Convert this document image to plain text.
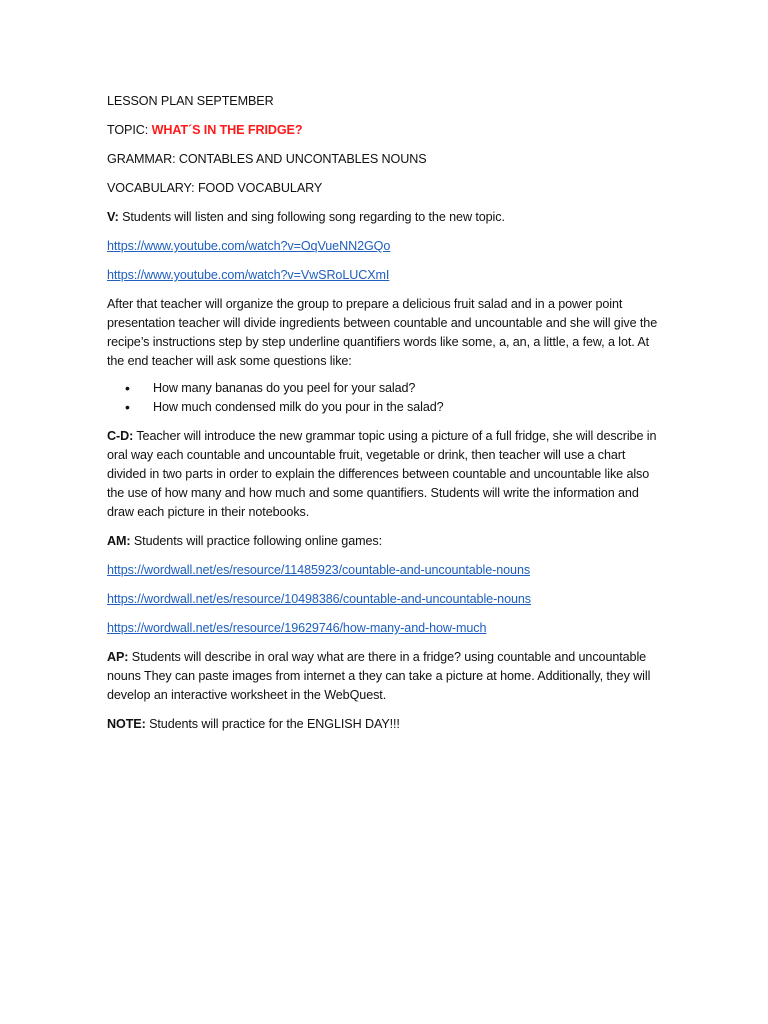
LESSON PLAN SEPTEMBER

TOPIC: WHAT´S IN THE FRIDGE?

GRAMMAR: CONTABLES AND UNCONTABLES NOUNS

VOCABULARY: FOOD VOCABULARY

V: Students will listen and sing following song regarding to the new topic.

https://www.youtube.com/watch?v=OqVueNN2GQo

https://www.youtube.com/watch?v=VwSRoLUCXmI

After that teacher will organize the group to prepare a delicious fruit salad and in a power point presentation teacher will divide ingredients between countable and uncountable and she will give the recipe’s instructions step by step underline quantifiers words like some, a, an, a little, a few, a lot. At the end teacher will ask some questions like:

• How many bananas do you peel for your salad?
• How much condensed milk do you pour in the salad?

C-D: Teacher will introduce the new grammar topic using a picture of a full fridge, she will describe in oral way each countable and uncountable fruit, vegetable or drink, then teacher will use a chart divided in two parts in order to explain the differences between countable and uncountable like also the use of how many and how much and some quantifiers. Students will write the information and draw each picture in their notebooks.

AM: Students will practice following online games:

https://wordwall.net/es/resource/11485923/countable-and-uncountable-nouns

https://wordwall.net/es/resource/10498386/countable-and-uncountable-nouns

https://wordwall.net/es/resource/19629746/how-many-and-how-much

AP: Students will describe in oral way what are there in a fridge? using countable and uncountable nouns They can paste images from internet a they can take a picture at home. Additionally, they will develop an interactive worksheet in the WebQuest.

NOTE: Students will practice for the ENGLISH DAY!!!
